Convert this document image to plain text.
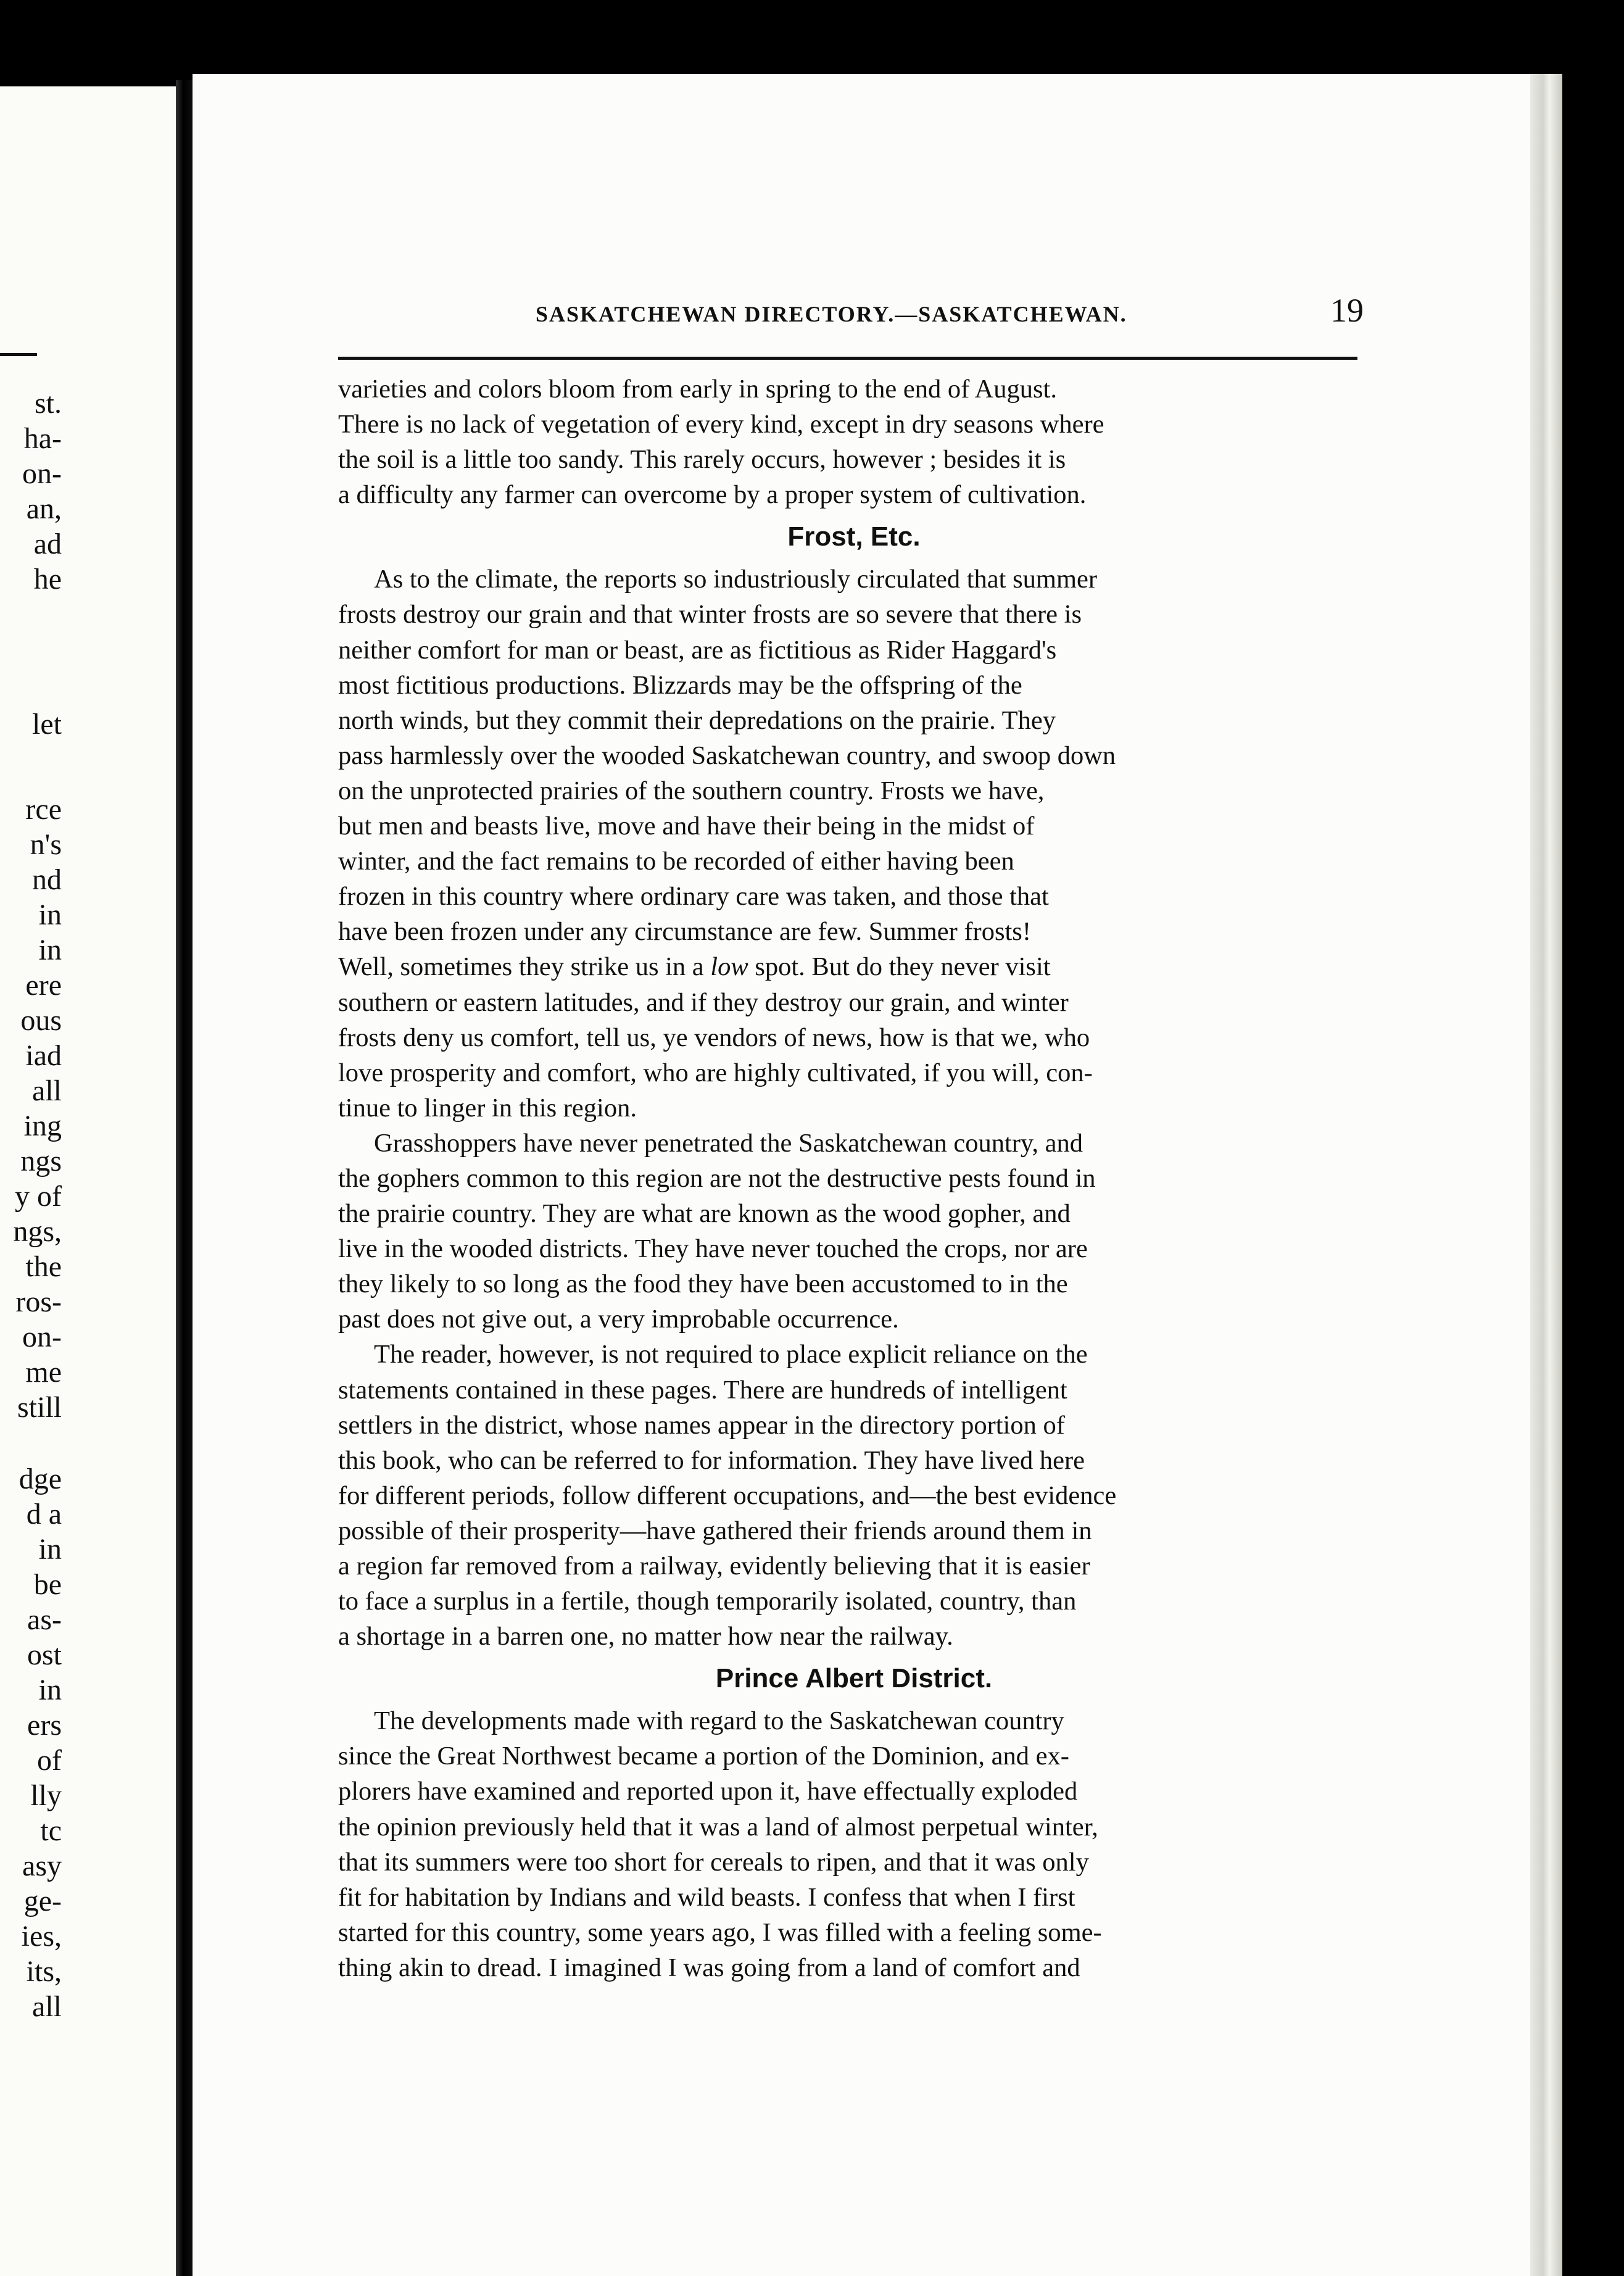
st.
ha-
on-
an,
ad
he
let
rce
n's
nd
in
in
ere
ous
iad
all
ing
ngs
y of
ngs,
the
ros-
on-
me
still
dge
d a
in
be
as-
ost
in
ers
of
lly
tc
asy
ge-
ies,
its,
all
SASKATCHEWAN DIRECTORY.—SASKATCHEWAN.	19

varieties and colors bloom from early in spring to the end of August.
There is no lack of vegetation of every kind, except in dry seasons where
the soil is a little too sandy. This rarely occurs, however ; besides it is
a difficulty any farmer can overcome by a proper system of cultivation.

Frost, Etc.

As to the climate, the reports so industriously circulated that summer
frosts destroy our grain and that winter frosts are so severe that there is
neither comfort for man or beast, are as fictitious as Rider Haggard's
most fictitious productions. Blizzards may be the offspring of the
north winds, but they commit their depredations on the prairie. They
pass harmlessly over the wooded Saskatchewan country, and swoop down
on the unprotected prairies of the southern country. Frosts we have,
but men and beasts live, move and have their being in the midst of
winter, and the fact remains to be recorded of either having been
frozen in this country where ordinary care was taken, and those that
have been frozen under any circumstance are few. Summer frosts!
Well, sometimes they strike us in a low spot. But do they never visit
southern or eastern latitudes, and if they destroy our grain, and winter
frosts deny us comfort, tell us, ye vendors of news, how is that we, who
love prosperity and comfort, who are highly cultivated, if you will, con-
tinue to linger in this region.

Grasshoppers have never penetrated the Saskatchewan country, and
the gophers common to this region are not the destructive pests found in
the prairie country. They are what are known as the wood gopher, and
live in the wooded districts. They have never touched the crops, nor are
they likely to so long as the food they have been accustomed to in the
past does not give out, a very improbable occurrence.

The reader, however, is not required to place explicit reliance on the
statements contained in these pages. There are hundreds of intelligent
settlers in the district, whose names appear in the directory portion of
this book, who can be referred to for information. They have lived here
for different periods, follow different occupations, and—the best evidence
possible of their prosperity—have gathered their friends around them in
a region far removed from a railway, evidently believing that it is easier
to face a surplus in a fertile, though temporarily isolated, country, than
a shortage in a barren one, no matter how near the railway.

Prince Albert District.

The developments made with regard to the Saskatchewan country
since the Great Northwest became a portion of the Dominion, and ex-
plorers have examined and reported upon it, have effectually exploded
the opinion previously held that it was a land of almost perpetual winter,
that its summers were too short for cereals to ripen, and that it was only
fit for habitation by Indians and wild beasts. I confess that when I first
started for this country, some years ago, I was filled with a feeling some-
thing akin to dread. I imagined I was going from a land of comfort and
